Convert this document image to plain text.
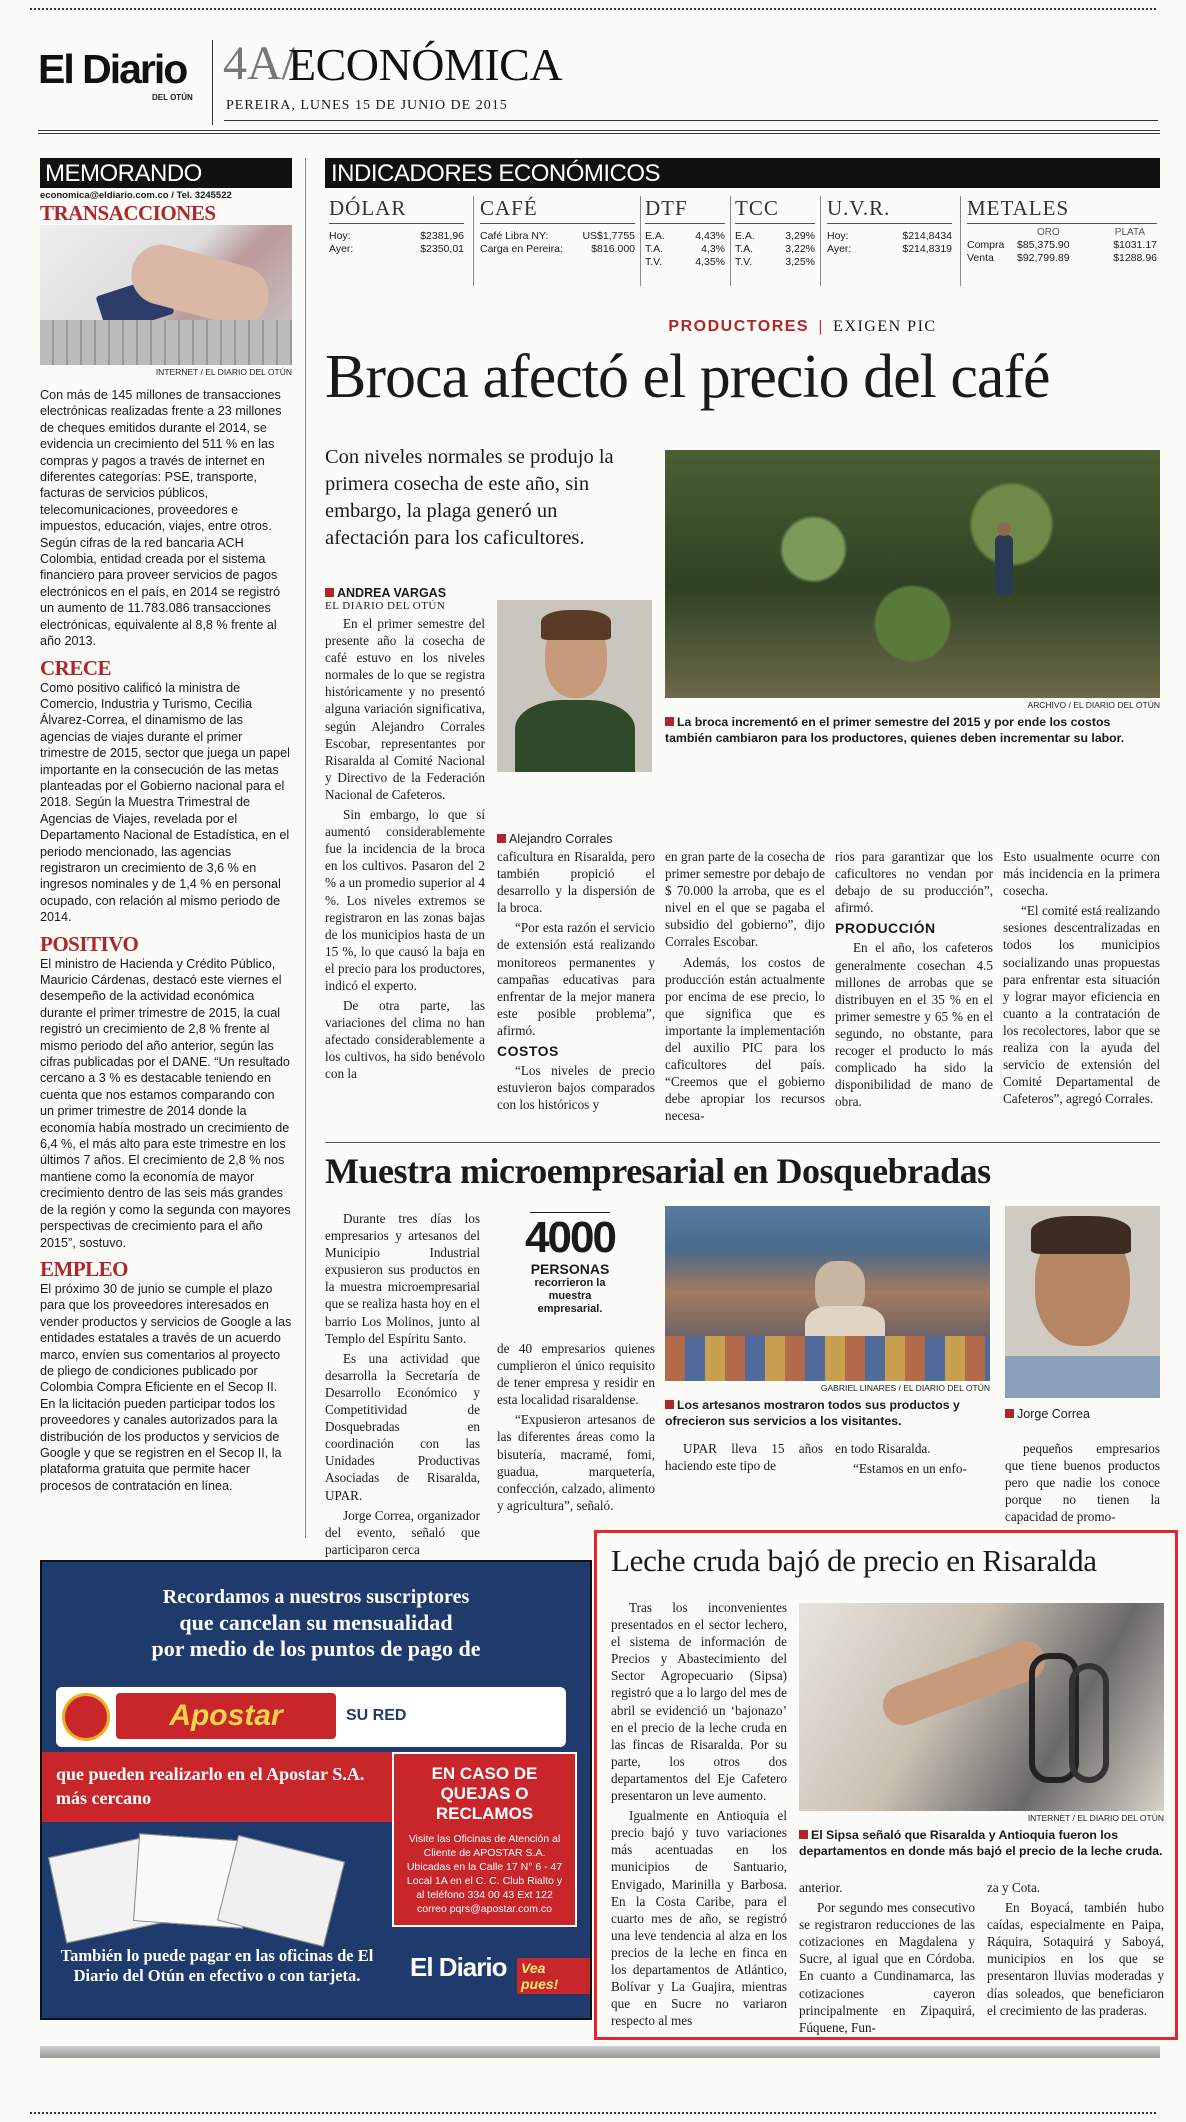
El Diario
DEL OTÚN
4A/
ECONÓMICA
PEREIRA, LUNES 15 DE JUNIO DE 2015
MEMORANDO
economica@eldiario.com.co / Tel. 3245522
TRANSACCIONES
INTERNET / EL DIARIO DEL OTÚN
Con más de 145 millones de transacciones electrónicas realizadas frente a 23 millones de cheques emitidos durante el 2014, se evidencia un crecimiento del 511 % en las compras y pagos a través de internet en diferentes categorías: PSE, transporte, facturas de servicios públicos, telecomunicaciones, proveedores e impuestos, educación, viajes, entre otros. Según cifras de la red bancaria ACH Colombia, entidad creada por el sistema financiero para proveer servicios de pagos electrónicos en el país, en 2014 se registró un aumento de 11.783.086 transacciones electrónicas, equivalente al 8,8 % frente al año 2013.
CRECE
Como positivo calificó la ministra de Comercio, Industria y Turismo, Cecilia Álvarez-Correa, el dinamismo de las agencias de viajes durante el primer trimestre de 2015, sector que juega un papel importante en la consecución de las metas planteadas por el Gobierno nacional para el 2018. Según la Muestra Trimestral de Agencias de Viajes, revelada por el Departamento Nacional de Estadística, en el periodo mencionado, las agencias registraron un crecimiento de 3,6 % en ingresos nominales y de 1,4 % en personal ocupado, con relación al mismo periodo de 2014.
POSITIVO
El ministro de Hacienda y Crédito Público, Mauricio Cárdenas, destacó este viernes el desempeño de la actividad económica durante el primer trimestre de 2015, la cual registró un crecimiento de 2,8 % frente al mismo periodo del año anterior, según las cifras publicadas por el DANE. “Un resultado cercano a 3 % es destacable teniendo en cuenta que nos estamos comparando con un primer trimestre de 2014 donde la economía había mostrado un crecimiento de 6,4 %, el más alto para este trimestre en los últimos 7 años. El crecimiento de 2,8 % nos mantiene como la economía de mayor crecimiento dentro de las seis más grandes de la región y como la segunda con mayores perspectivas de crecimiento para el año 2015”, sostuvo.
EMPLEO
El próximo 30 de junio se cumple el plazo para que los proveedores interesados en vender productos y servicios de Google a las entidades estatales a través de un acuerdo marco, envíen sus comentarios al proyecto de pliego de condiciones publicado por Colombia Compra Eficiente en el Secop II. En la licitación pueden participar todos los proveedores y canales autorizados para la distribución de los productos y servicios de Google y que se registren en el Secop II, la plataforma gratuita que permite hacer procesos de contratación en línea.
INDICADORES ECONÓMICOS
DÓLAR
Hoy:	$2381,96
Ayer:	$2350,01
CAFÉ
Café Libra NY:	US$1,7755
Carga en Pereira:	$816.000
DTF
E.A.	4,43%
T.A.	4,3%
T.V.	4,35%
TCC
E.A.	3,29%
T.A.	3,22%
T.V.	3,25%
U.V.R.
Hoy:	$214,8434
Ayer:	$214,8319
METALES
ORO	PLATA
Compra $85,375.90	$1031.17
Venta $92,799.89	$1288.96
PRODUCTORES | EXIGEN PIC
Broca afectó el precio del café
Con niveles normales se produjo la primera cosecha de este año, sin embargo, la plaga generó un afectación para los caficultores.
ARCHIVO / EL DIARIO DEL OTÚN
La broca incrementó en el primer semestre del 2015 y por ende los costos también cambiaron para los productores, quienes deben incrementar su labor.
ANDREA VARGAS
EL DIARIO DEL OTÚN
Alejandro Corrales

En el primer semestre del presente año la cosecha de café estuvo en los niveles normales de lo que se registra históricamente y no presentó alguna variación significativa, según Alejandro Corrales Escobar, representantes por Risaralda al Comité Nacional y Directivo de la Federación Nacional de Cafeteros.

Sin embargo, lo que sí aumentó considerablemente fue la incidencia de la broca en los cultivos. Pasaron del 2 % a un promedio superior al 4 %. Los niveles extremos se registraron en las zonas bajas de los municipios hasta de un 15 %, lo que causó la baja en el precio para los productores, indicó el experto.

De otra parte, las variaciones del clima no han afectado considerablemente a los cultivos, ha sido benévolo con la

caficultura en Risaralda, pero también propició el desarrollo y la dispersión de la broca.

“Por esta razón el servicio de extensión está realizando monitoreos permanentes y campañas educativas para enfrentar de la mejor manera este posible problema”, afirmó.

COSTOS

“Los niveles de precio estuvieron bajos comparados con los históricos y

en gran parte de la cosecha de primer semestre por debajo de $ 70.000 la arroba, que es el nivel en el que se pagaba el subsidio del gobierno”, dijo Corrales Escobar.

Además, los costos de producción están actualmente por encima de ese precio, lo que significa que es importante la implementación del auxilio PIC para los caficultores del país. “Creemos que el gobierno debe apropiar los recursos necesa-

rios para garantizar que los caficultores no vendan por debajo de su producción”, afirmó.

PRODUCCIÓN

En el año, los cafeteros generalmente cosechan 4.5 millones de arrobas que se distribuyen en el 35 % en el primer semestre y 65 % en el segundo, no obstante, para recoger el producto lo más complicado ha sido la disponibilidad de mano de obra.

Esto usualmente ocurre con más incidencia en la primera cosecha.

“El comité está realizando sesiones descentralizadas en todos los municipios socializando unas propuestas para enfrentar esta situación y lograr mayor eficiencia en cuanto a la contratación de los recolectores, labor que se realiza con la ayuda del servicio de extensión del Comité Departamental de Cafeteros”, agregó Corrales.

Muestra microempresarial en Dosquebradas

Durante tres días los empresarios y artesanos del Municipio Industrial expusieron sus productos en la muestra microempresarial que se realiza hasta hoy en el barrio Los Molinos, junto al Templo del Espíritu Santo.

Es una actividad que desarrolla la Secretaría de Desarrollo Económico y Competitividad de Dosquebradas en coordinación con las Unidades Productivas Asociadas de Risaralda, UPAR.

Jorge Correa, organizador del evento, señaló que participaron cerca

4000
PERSONAS
recorrieron la muestra empresarial.

de 40 empresarios quienes cumplieron el único requisito de tener empresa y residir en esta localidad risaraldense.

“Expusieron artesanos de las diferentes áreas como la bisutería, macramé, fomi, guadua, marquetería, confección, calzado, alimento y agricultura”, señaló.

GABRIEL LINARES / EL DIARIO DEL OTÚN
Los artesanos mostraron todos sus productos y ofrecieron sus servicios a los visitantes.

UPAR lleva 15 años haciendo este tipo de

en todo Risaralda.

“Estamos en un enfo-

Jorge Correa

pequeños empresarios que tiene buenos productos pero que nadie los conoce porque no tienen la capacidad de promo-

Recordamos a nuestros suscriptores
que cancelan su mensualidad
por medio de los puntos de pago de
Apostar	SU RED
que pueden realizarlo en el Apostar S.A. más cercano
EN CASO DE QUEJAS O RECLAMOS
Visite las Oficinas de Atención al Cliente de APOSTAR S.A. Ubicadas en la Calle 17 N° 6 - 47 Local 1A en el C. C. Club Rialto y al teléfono 334 00 43 Ext 122 correo pqrs@apostar.com.co
También lo puede pagar en las oficinas de El Diario del Otún en efectivo o con tarjeta.	El Diario Vea pues!
Leche cruda bajó de precio en Risaralda

Tras los inconvenientes presentados en el sector lechero, el sistema de información de Precios y Abastecimiento del Sector Agropecuario (Sipsa) registró que a lo largo del mes de abril se evidenció un ‘bajonazo’ en el precio de la leche cruda en las fincas de Risaralda. Por su parte, los otros dos departamentos del Eje Cafetero presentaron un leve aumento.

Igualmente en Antioquia el precio bajó y tuvo variaciones más acentuadas en los municipios de Santuario, Envigado, Marinilla y Barbosa. En la Costa Caribe, para el cuarto mes de año, se registró una leve tendencia al alza en los precios de la leche en finca en los departamentos de Atlántico, Bolívar y La Guajira, mientras que en Sucre no variaron respecto al mes

INTERNET / EL DIARIO DEL OTÚN
El Sipsa señaló que Risaralda y Antioquia fueron los departamentos en donde más bajó el precio de la leche cruda.

anterior.

Por segundo mes consecutivo se registraron reducciones de las cotizaciones en Magdalena y Sucre, al igual que en Córdoba. En cuanto a Cundinamarca, las cotizaciones cayeron principalmente en Zipaquirá, Fúquene, Fun-

za y Cota.

En Boyacá, también hubo caídas, especialmente en Paipa, Ráquira, Sotaquirá y Saboyá, municipios en los que se presentaron lluvias moderadas y días soleados, que beneficiaron el crecimiento de las praderas.
